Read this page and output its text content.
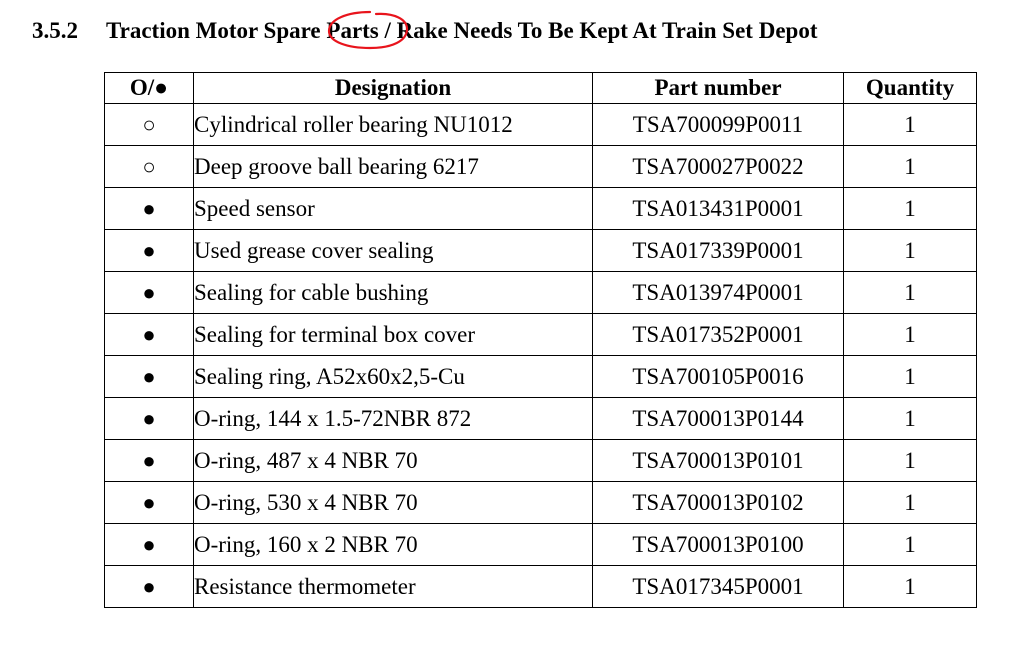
3.5.2 Traction Motor Spare Parts / Rake Needs To Be Kept At Train Set Depot
O/●	Designation	Part number	Quantity
○	Cylindrical roller bearing NU1012	TSA700099P0011	1
○	Deep groove ball bearing 6217	TSA700027P0022	1
●	Speed sensor	TSA013431P0001	1
●	Used grease cover sealing	TSA017339P0001	1
●	Sealing for cable bushing	TSA013974P0001	1
●	Sealing for terminal box cover	TSA017352P0001	1
●	Sealing ring, A52x60x2,5-Cu	TSA700105P0016	1
●	O-ring, 144 x 1.5-72NBR 872	TSA700013P0144	1
●	O-ring, 487 x 4 NBR 70	TSA700013P0101	1
●	O-ring, 530 x 4 NBR 70	TSA700013P0102	1
●	O-ring, 160 x 2 NBR 70	TSA700013P0100	1
●	Resistance thermometer	TSA017345P0001	1
